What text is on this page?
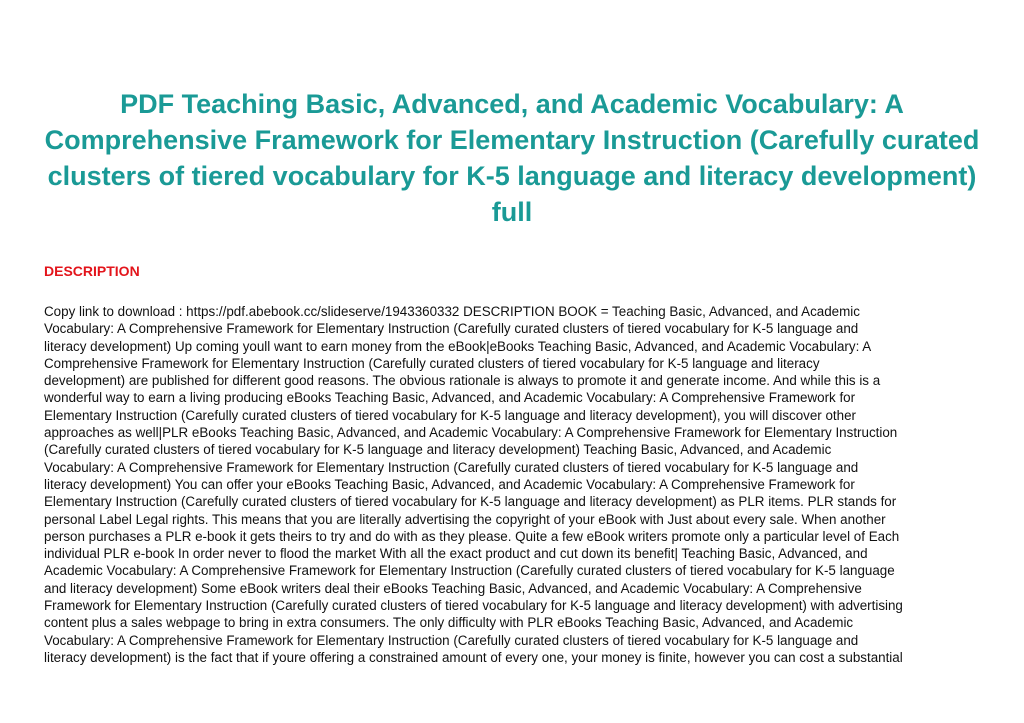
PDF Teaching Basic, Advanced, and Academic Vocabulary: A Comprehensive Framework for Elementary Instruction (Carefully curated clusters of tiered vocabulary for K-5 language and literacy development) full
DESCRIPTION

Copy link to download : https://pdf.abebook.cc/slideserve/1943360332 DESCRIPTION BOOK = Teaching Basic, Advanced, and Academic
Vocabulary: A Comprehensive Framework for Elementary Instruction (Carefully curated clusters of tiered vocabulary for K-5 language and
literacy development) Up coming youll want to earn money from the eBook|eBooks Teaching Basic, Advanced, and Academic Vocabulary: A
Comprehensive Framework for Elementary Instruction (Carefully curated clusters of tiered vocabulary for K-5 language and literacy
development) are published for different good reasons. The obvious rationale is always to promote it and generate income. And while this is a
wonderful way to earn a living producing eBooks Teaching Basic, Advanced, and Academic Vocabulary: A Comprehensive Framework for
Elementary Instruction (Carefully curated clusters of tiered vocabulary for K-5 language and literacy development), you will discover other
approaches as well|PLR eBooks Teaching Basic, Advanced, and Academic Vocabulary: A Comprehensive Framework for Elementary Instruction
(Carefully curated clusters of tiered vocabulary for K-5 language and literacy development) Teaching Basic, Advanced, and Academic
Vocabulary: A Comprehensive Framework for Elementary Instruction (Carefully curated clusters of tiered vocabulary for K-5 language and
literacy development) You can offer your eBooks Teaching Basic, Advanced, and Academic Vocabulary: A Comprehensive Framework for
Elementary Instruction (Carefully curated clusters of tiered vocabulary for K-5 language and literacy development) as PLR items. PLR stands for
personal Label Legal rights. This means that you are literally advertising the copyright of your eBook with Just about every sale. When another
person purchases a PLR e-book it gets theirs to try and do with as they please. Quite a few eBook writers promote only a particular level of Each
individual PLR e-book In order never to flood the market With all the exact product and cut down its benefit| Teaching Basic, Advanced, and
Academic Vocabulary: A Comprehensive Framework for Elementary Instruction (Carefully curated clusters of tiered vocabulary for K-5 language
and literacy development) Some eBook writers deal their eBooks Teaching Basic, Advanced, and Academic Vocabulary: A Comprehensive
Framework for Elementary Instruction (Carefully curated clusters of tiered vocabulary for K-5 language and literacy development) with advertising
content plus a sales webpage to bring in extra consumers. The only difficulty with PLR eBooks Teaching Basic, Advanced, and Academic
Vocabulary: A Comprehensive Framework for Elementary Instruction (Carefully curated clusters of tiered vocabulary for K-5 language and
literacy development) is the fact that if youre offering a constrained amount of every one, your money is finite, however you can cost a substantial
